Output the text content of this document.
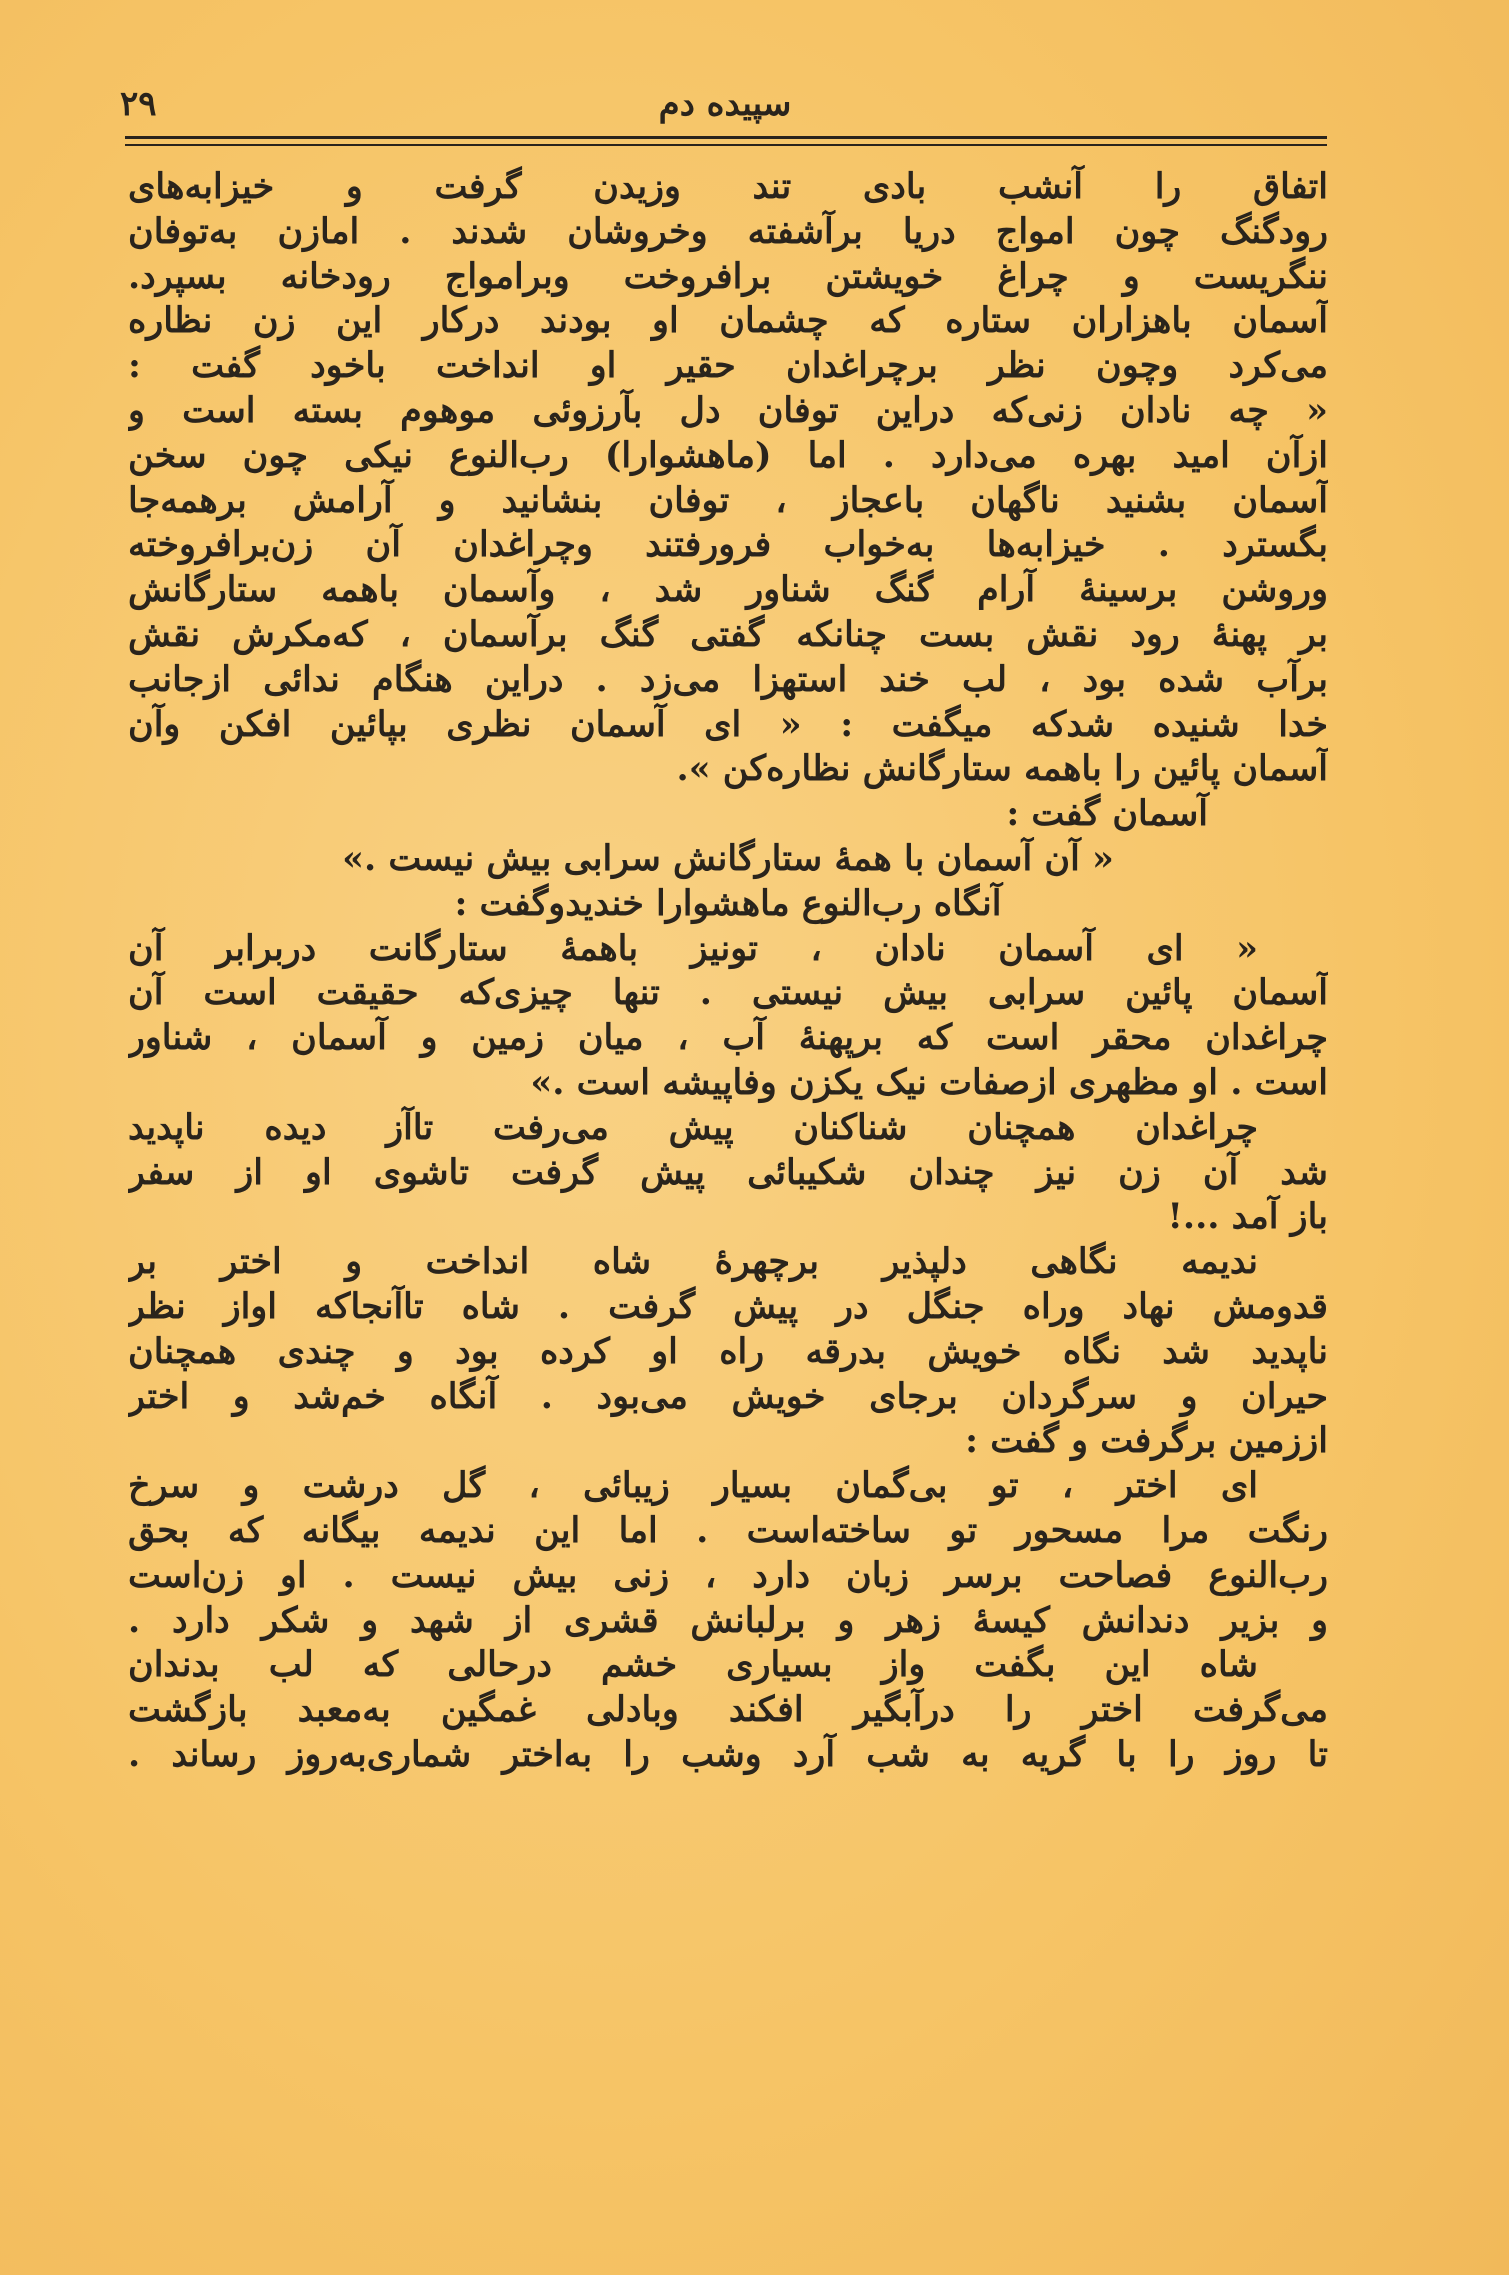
۲۹	سپیده دم
اتفاق را آنشب بادی تند وزیدن گرفت و خیزابه‌های
رودگنگ چون امواج دریا برآشفته وخروشان شدند . امازن به‌توفان
ننگریست و چراغ خویشتن برافروخت وبرامواج رودخانه بسپرد.
آسمان باهزاران ستاره که چشمان او بودند درکار این زن نظاره
می‌کرد وچون نظر برچراغدان حقیر او انداخت باخود گفت :
« چه نادان زنی‌که دراین توفان دل بآرزوئی موهوم بسته است و
ازآن امید بهره می‌دارد . اما (ماهشوارا) رب‌النوع نیکی چون سخن
آسمان بشنید ناگهان باعجاز ، توفان بنشانید و آرامش برهمه‌جا
بگسترد . خیزابه‌ها به‌خواب فرورفتند وچراغدان آن زن‌برافروخته
وروشن برسینهٔ آرام گنگ شناور شد ، وآسمان باهمه ستارگانش
بر پهنهٔ رود نقش بست چنانکه گفتی گنگ برآسمان ، که‌مکرش نقش
برآب شده بود ، لب خند استهزا می‌زد . دراین هنگام ندائی ازجانب
خدا شنیده شدکه میگفت : « ای آسمان نظری بپائین افکن وآن
آسمان پائین را باهمه ستارگانش نظاره‌کن ».
آسمان گفت :
« آن آسمان با همهٔ ستارگانش سرابی بیش نیست .»
آنگاه رب‌النوع ماهشوارا خندیدوگفت :
« ای آسمان نادان ، تونیز باهمهٔ ستارگانت دربرابر آن
آسمان پائین سرابی بیش نیستی . تنها چیزی‌که حقیقت است آن
چراغدان محقر است که برپهنهٔ آب ، میان زمین و آسمان ، شناور
است . او مظهری ازصفات نیک یکزن وفاپیشه است .»
چراغدان همچنان شناکنان پیش می‌رفت تاآز دیده ناپدید
شد آن زن نیز چندان شکیبائی پیش گرفت تاشوی او از سفر
باز آمد ...!
ندیمه نگاهی دلپذیر برچهرهٔ شاه انداخت و اختر بر
قدومش نهاد وراه جنگل در پیش گرفت . شاه تاآنجاکه اواز نظر
ناپدید شد نگاه خویش بدرقه راه او کرده بود و چندی همچنان
حیران و سرگردان برجای خویش می‌بود . آنگاه خم‌شد و اختر
اززمین برگرفت و گفت :
ای اختر ، تو بی‌گمان بسیار زیبائی ، گل درشت و سرخ
رنگت مرا مسحور تو ساخته‌است . اما این ندیمه بیگانه که بحق
رب‌النوع فصاحت برسر زبان دارد ، زنی بیش نیست . او زن‌است
و بزیر دندانش کیسهٔ زهر و برلبانش قشری از شهد و شکر دارد .
شاه این بگفت واز بسیاری خشم درحالی که لب بدندان
می‌گرفت اختر را درآبگیر افکند وبادلی غمگین به‌معبد بازگشت
تا روز را با گریه به شب آرد وشب را به‌اختر شماری‌به‌روز رساند .
